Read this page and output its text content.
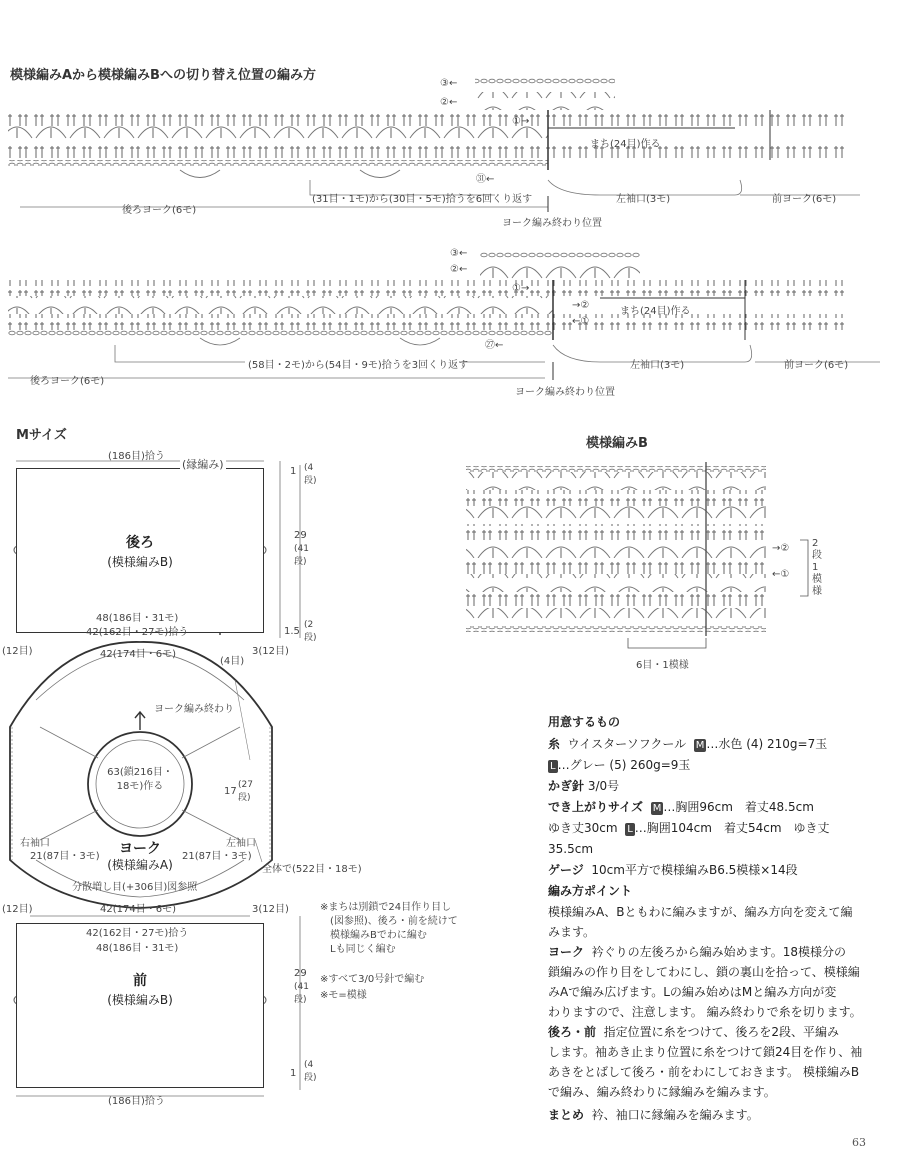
模様編みAから模様編みBへの切り替え位置の編み方
③←
②←
①→
まち(24目)作る
㉛←
(31目・1モ)から(30目・5モ)拾うを6回くり返す	左袖口(3モ)	前ヨーク(6モ)
後ろヨーク(6モ)
ヨーク編み終わり位置
③←
②←
①→
→②
まち(24目)作る
←①
㉗←
(58目・2モ)から(54目・9モ)拾うを3回くり返す	左袖口(3モ)	前ヨーク(6モ)
後ろヨーク(6モ)
ヨーク編み終わり位置
Mサイズ
(186目)拾う
(縁編み)
後ろ
(模様編みB)
48(186目・31モ)
42(162目・27モ)拾う
1 (4段)
29
(41段)
1.5
(2段)
(12目)	3(12目)
42(174目・6モ)
(4目)
ヨーク編み終わり
63(鎖216目・18モ)作る	17
(27段)
右袖口
21(87目・3モ)
左袖口
21(87目・3モ)
ヨーク
(模様編みA)
分散増し目(+306目)図参照
全体で(522目・18モ)
42(174目・6モ)
(12目)	3(12目)
42(162目・27モ)拾う
48(186目・31モ)
前
(模様編みB)
29
(41段)
1
(4段)
(186目)拾う
※まちは別鎖で24目作り目し
(図参照)、後ろ・前を続けて
模様編みBでわに編む
Lも同じく編む
※すべて3/0号針で編む
※モ=模様
模様編みB
→②
←①
2段1模様
6目・1模様
用意するもの
糸 ウイスターソフクール M …水色 (4) 210g=7玉
L …グレー (5) 260g=9玉
かぎ針 3/0号
でき上がりサイズ M …胸囲96cm　着丈48.5cm
ゆき丈30cm L …胸囲104cm　着丈54cm　ゆき丈
35.5cm
ゲージ 10cm平方で模様編みB6.5模様×14段
編み方ポイント
模様編みA、Bともわに編みますが、編み方向を変えて編
みます。
ヨーク 衿ぐりの左後ろから編み始めます。18模様分の
鎖編みの作り目をしてわにし、鎖の裏山を拾って、模様編
みAで編み広げます。Lの編み始めはMと編み方向が変
わりますので、注意します。 編み終わりで糸を切ります。
後ろ・前 指定位置に糸をつけて、後ろを2段、平編み
します。袖あき止まり位置に糸をつけて鎖24目を作り、袖
あきをとばして後ろ・前をわにしておきます。 模様編みB
で編み、編み終わりに縁編みを編みます。
まとめ 衿、袖口に縁編みを編みます。
63
